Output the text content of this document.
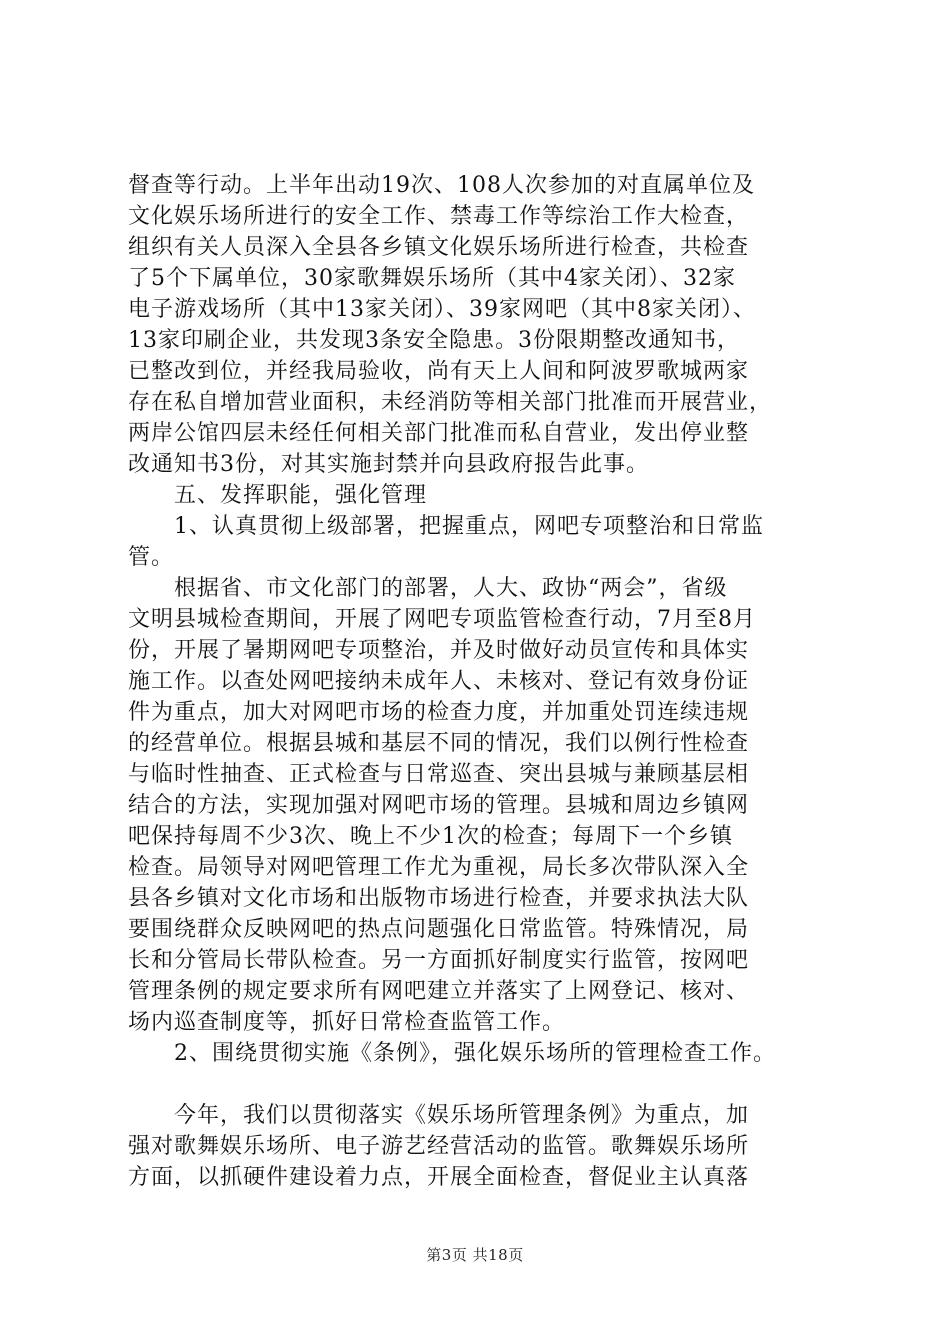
督查等行动。上半年出动19次、108人次参加的对直属单位及
文化娱乐场所进行的安全工作、禁毒工作等综治工作大检查，
组织有关人员深入全县各乡镇文化娱乐场所进行检查，共检查
了5个下属单位，30家歌舞娱乐场所（其中4家关闭）、32家
电子游戏场所（其中13家关闭）、39家网吧（其中8家关闭）、
13家印刷企业，共发现3条安全隐患。3份限期整改通知书，
已整改到位，并经我局验收，尚有天上人间和阿波罗歌城两家
存在私自增加营业面积，未经消防等相关部门批准而开展营业，
两岸公馆四层未经任何相关部门批准而私自营业，发出停业整
改通知书3份，对其实施封禁并向县政府报告此事。
　　五、发挥职能，强化管理
　　1、认真贯彻上级部署，把握重点，网吧专项整治和日常监
管。
　　根据省、市文化部门的部署，人大、政协“两会”，省级
文明县城检查期间，开展了网吧专项监管检查行动，7月至8月
份，开展了暑期网吧专项整治，并及时做好动员宣传和具体实
施工作。以查处网吧接纳未成年人、未核对、登记有效身份证
件为重点，加大对网吧市场的检查力度，并加重处罚连续违规
的经营单位。根据县城和基层不同的情况，我们以例行性检查
与临时性抽查、正式检查与日常巡查、突出县城与兼顾基层相
结合的方法，实现加强对网吧市场的管理。县城和周边乡镇网
吧保持每周不少3次、晚上不少1次的检查；每周下一个乡镇
检查。局领导对网吧管理工作尤为重视，局长多次带队深入全
县各乡镇对文化市场和出版物市场进行检查，并要求执法大队
要围绕群众反映网吧的热点问题强化日常监管。特殊情况，局
长和分管局长带队检查。另一方面抓好制度实行监管，按网吧
管理条例的规定要求所有网吧建立并落实了上网登记、核对、
场内巡查制度等，抓好日常检查监管工作。
　　2、围绕贯彻实施《条例》，强化娱乐场所的管理检查工作。
　　今年，我们以贯彻落实《娱乐场所管理条例》为重点，加
强对歌舞娱乐场所、电子游艺经营活动的监管。歌舞娱乐场所
方面，以抓硬件建设着力点，开展全面检查，督促业主认真落
第3页 共18页
